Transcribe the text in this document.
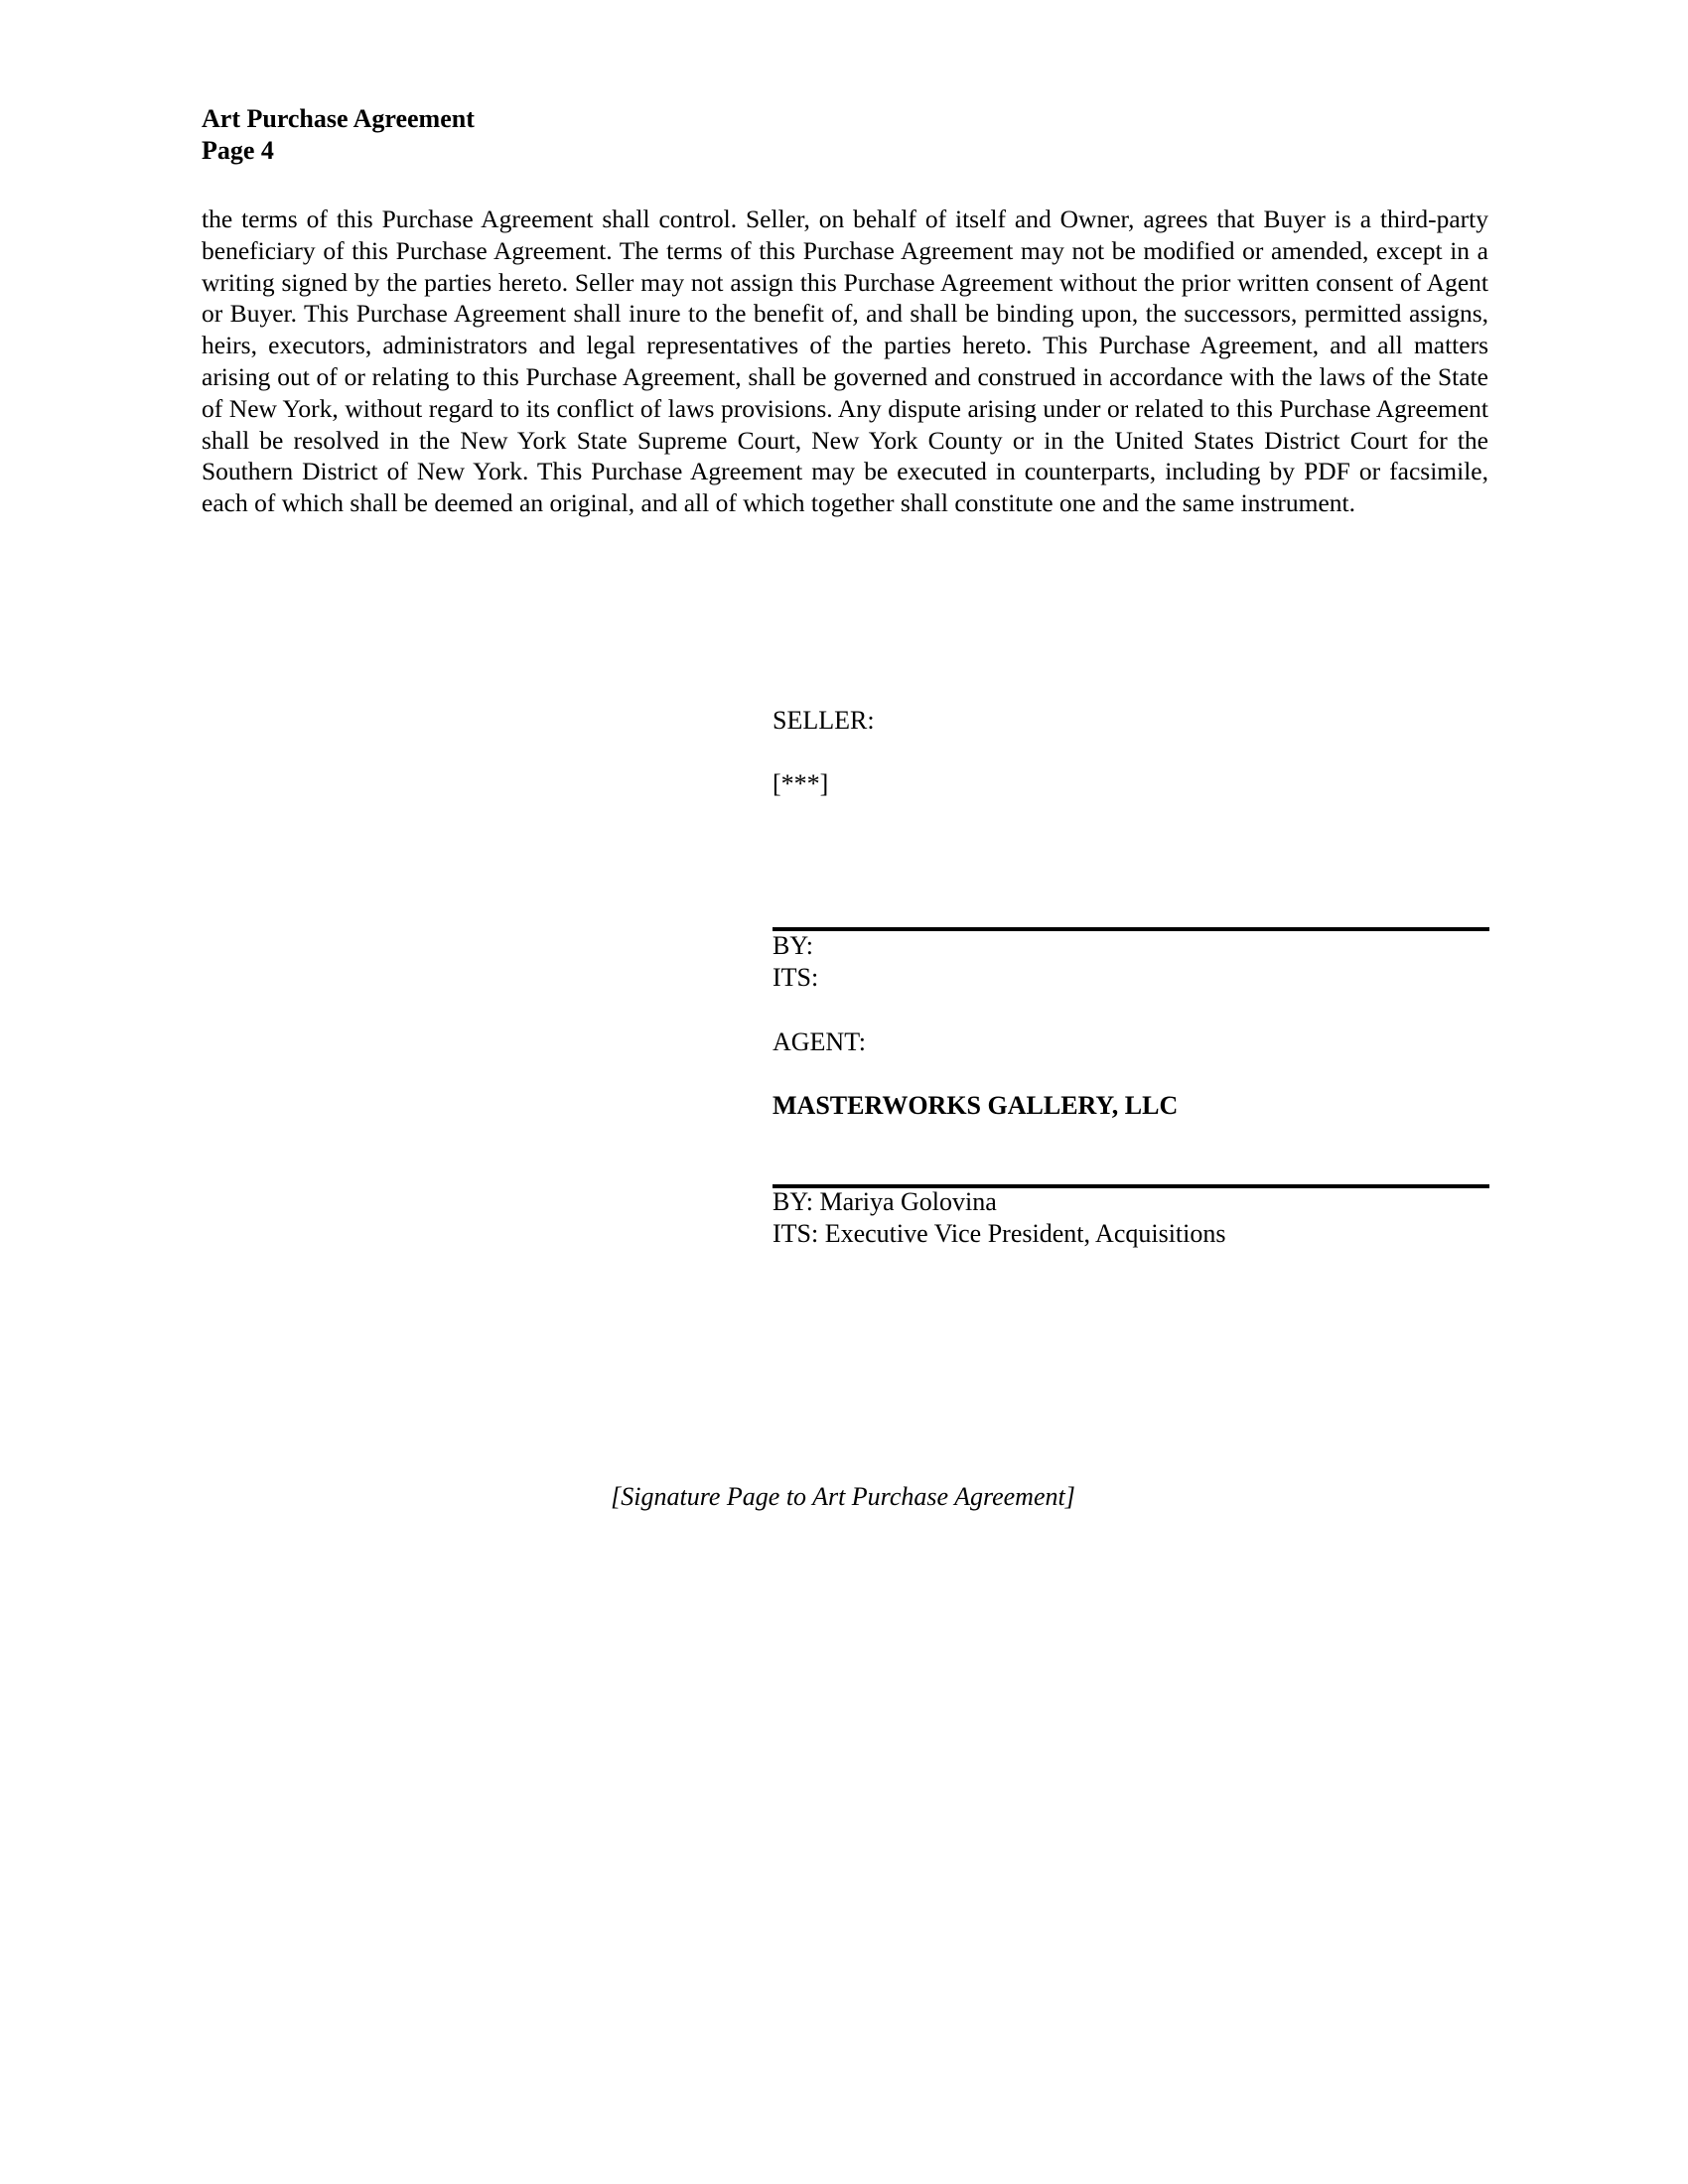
Art Purchase Agreement
Page 4
the terms of this Purchase Agreement shall control. Seller, on behalf of itself and Owner, agrees that Buyer is a third-party beneficiary of this Purchase Agreement. The terms of this Purchase Agreement may not be modified or amended, except in a writing signed by the parties hereto. Seller may not assign this Purchase Agreement without the prior written consent of Agent or Buyer. This Purchase Agreement shall inure to the benefit of, and shall be binding upon, the successors, permitted assigns, heirs, executors, administrators and legal representatives of the parties hereto. This Purchase Agreement, and all matters arising out of or relating to this Purchase Agreement, shall be governed and construed in accordance with the laws of the State of New York, without regard to its conflict of laws provisions. Any dispute arising under or related to this Purchase Agreement shall be resolved in the New York State Supreme Court, New York County or in the United States District Court for the Southern District of New York. This Purchase Agreement may be executed in counterparts, including by PDF or facsimile, each of which shall be deemed an original, and all of which together shall constitute one and the same instrument.
SELLER:
[***]
BY:
ITS:
AGENT:
MASTERWORKS GALLERY, LLC
BY: Mariya Golovina
ITS: Executive Vice President, Acquisitions
[Signature Page to Art Purchase Agreement]
